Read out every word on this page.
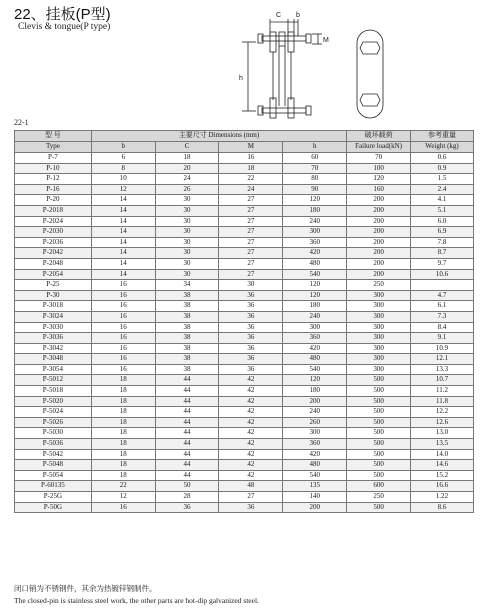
22、挂板(P型)
Clevis & tongue(P type)
C b
M
h
22-1
型 号	主要尺寸 Dimensions (mm)				破坏载荷	参考重量

Type	b	C	M	h	Failure load(kN)	Weight (kg)
P-7	6	18	16	60	70	0.6
P-10	8	20	18	70	100	0.9
P-12	10	24	22	80	120	1.5
P-16	12	26	24	90	160	2.4
P-20	14	30	27	120	200	4.1
P-2018	14	30	27	180	200	5.1
P-2024	14	30	27	240	200	6.0
P-2030	14	30	27	300	200	6.9
P-2036	14	30	27	360	200	7.8
P-2042	14	30	27	420	200	8.7
P-2048	14	30	27	480	200	9.7
P-2054	14	30	27	540	200	10.6
P-25	16	34	30	120	250	
P-30	16	38	36	120	300	4.7
P-3018	16	38	36	180	300	6.1
P-3024	16	38	36	240	300	7.3
P-3030	16	38	36	300	300	8.4
P-3036	16	38	36	360	300	9.1
P-3042	16	38	36	420	300	10.9
P-3048	16	38	36	480	300	12.1
P-3054	16	38	36	540	300	13.3
P-5012	18	44	42	120	500	10.7
P-5018	18	44	42	180	500	11.2
P-5020	18	44	42	200	500	11.8
P-5024	18	44	42	240	500	12.2
P-5026	18	44	42	260	500	12.6
P-5030	18	44	42	300	500	13.0
P-5036	18	44	42	360	500	13.5
P-5042	18	44	42	420	500	14.0
P-5048	18	44	42	480	500	14.6
P-5054	18	44	42	540	500	15.2
P-60135	22	50	48	135	600	16.6
P-25G	12	28	27	140	250	1.22
P-50G	16	36	36	200	500	8.6
闭口销为不锈钢件，其余为热镀锌钢制件。
The closed-pin is stainless steel work, the other parts are hot-dip galvanized steel.
